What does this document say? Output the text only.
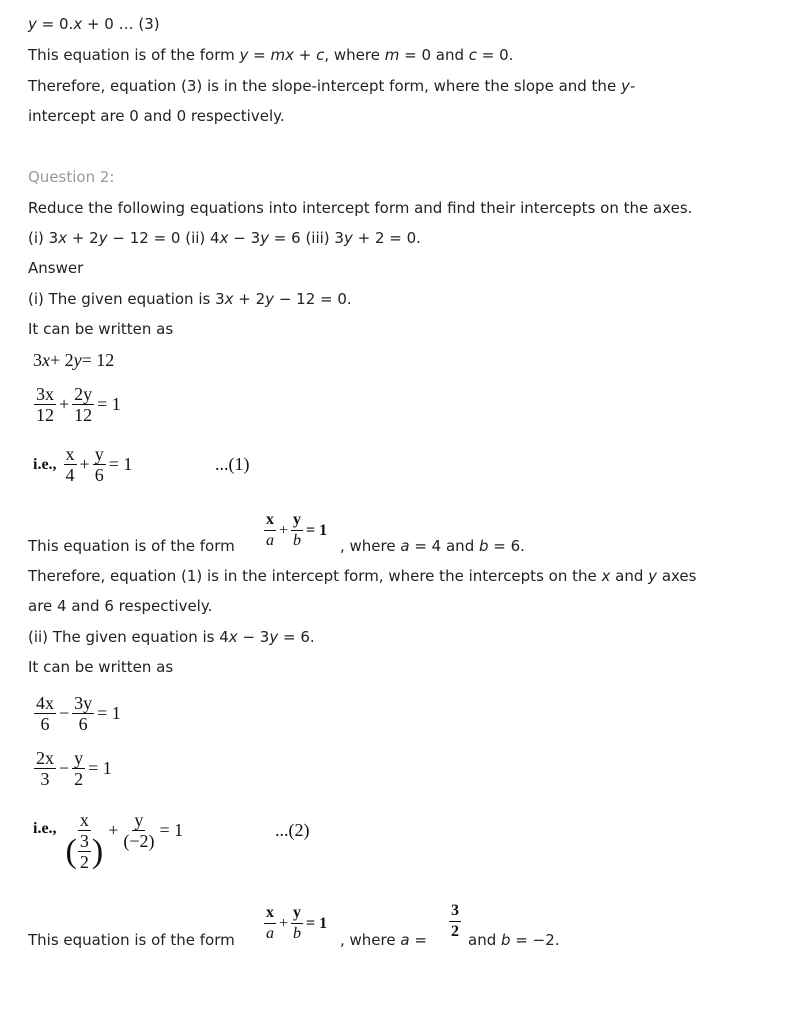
y = 0.x + 0 … (3)
This equation is of the form y = mx + c, where m = 0 and c = 0.
Therefore, equation (3) is in the slope-intercept form, where the slope and the y-
intercept are 0 and 0 respectively.
Question 2:
Reduce the following equations into intercept form and find their intercepts on the axes.
(i) 3x + 2y − 12 = 0 (ii) 4x − 3y = 6 (iii) 3y + 2 = 0.
Answer
(i) The given equation is 3x + 2y − 12 = 0.
It can be written as
This equation is of the form	, where a = 4 and b = 6.
Therefore, equation (1) is in the intercept form, where the intercepts on the x and y axes
are 4 and 6 respectively.
(ii) The given equation is 4x − 3y = 6.
It can be written as
This equation is of the form	, where a =	and b = −2.
3 x + 2 y = 12
$\frac{3x}{12} + \frac{2y}{12} = 1$
i.e., $\frac{x}{4} + \frac{y}{6} = 1$	...(1)
$\frac{x}{a} + \frac{y}{b} = 1$
$\frac{4x}{6} - \frac{3y}{6} = 1$
$\frac{2x}{3} - \frac{y}{2} = 1$
i.e., $\frac{x}{( \frac{3}{2} )} + \frac{y}{(-2)} = 1$	...(2)
$\frac{x}{a} + \frac{y}{b} = 1$	$\frac{3}{2}$
